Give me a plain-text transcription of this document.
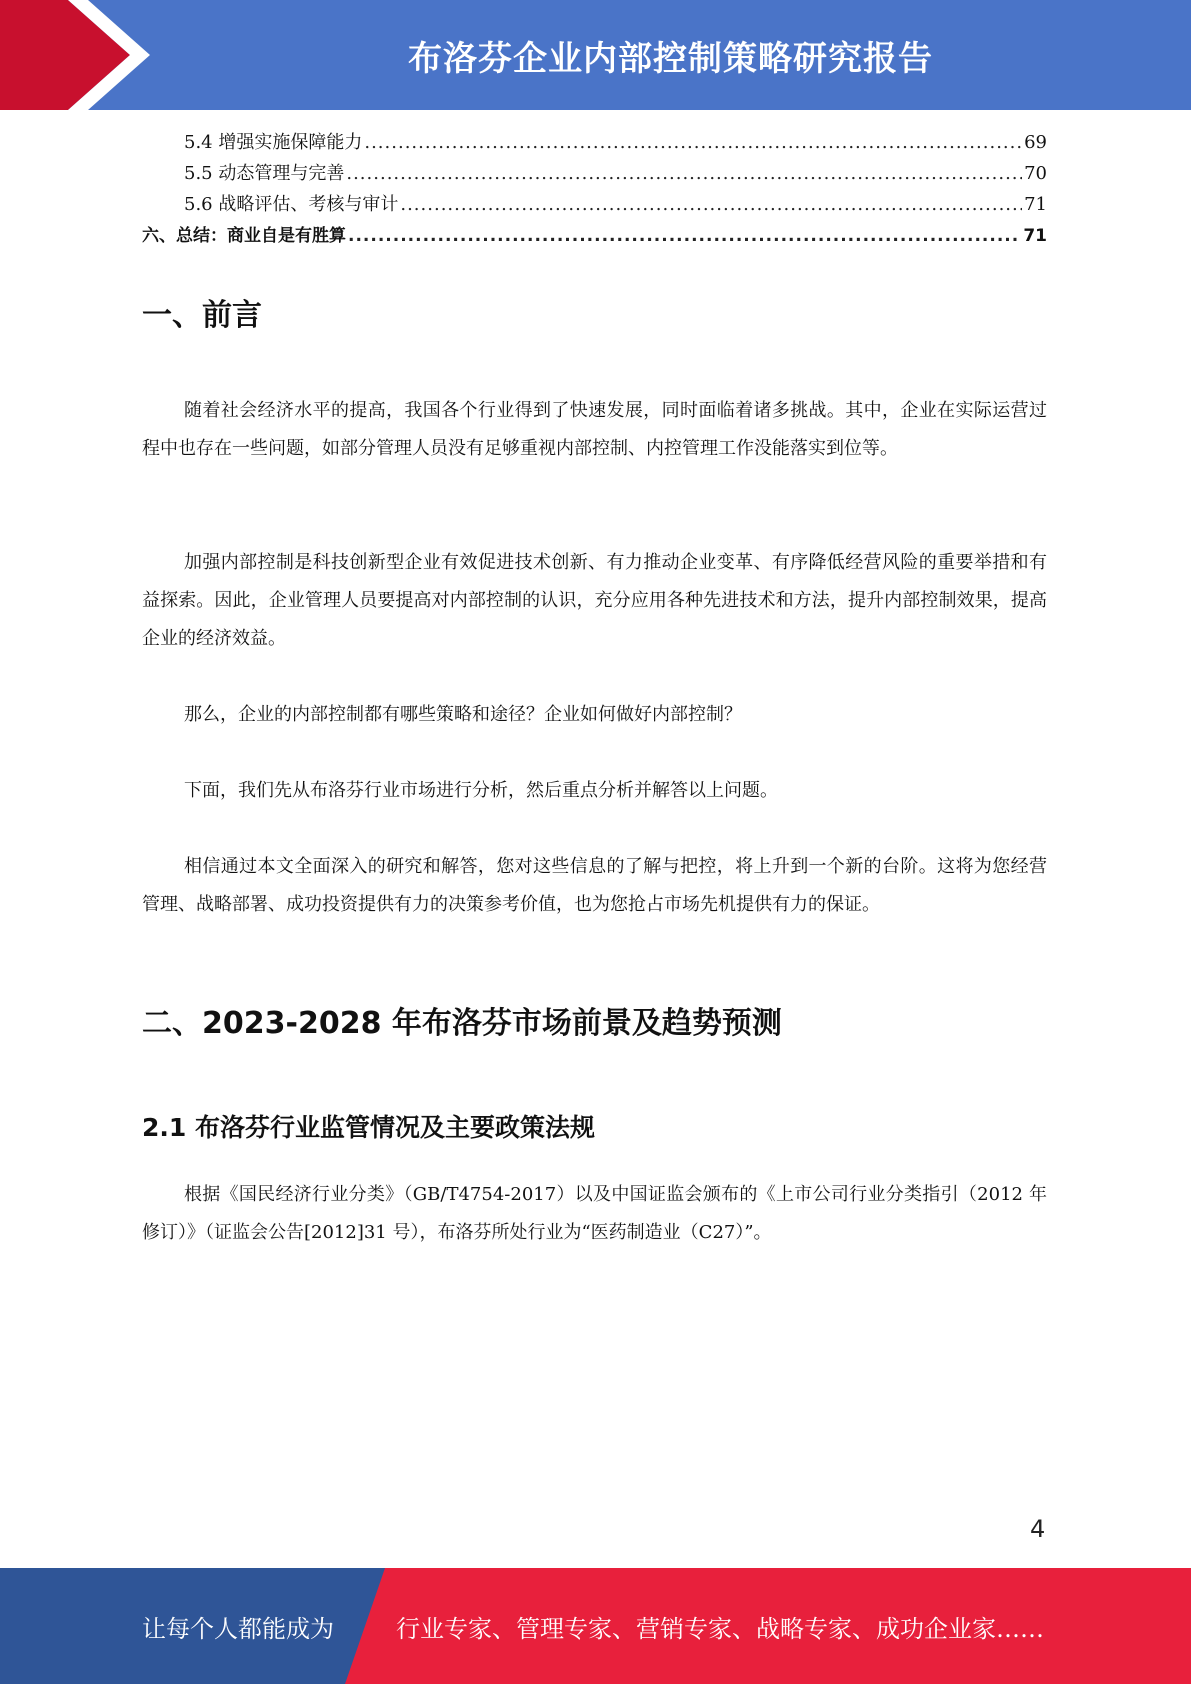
布洛芬企业内部控制策略研究报告
5.4 增强实施保障能力 .....	69
5.5 动态管理与完善 .....	70
5.6 战略评估、考核与审计 .....	71
六、总结：商业自是有胜算 .....	71
一、前言

随着社会经济水平的提高，我国各个行业得到了快速发展，同时面临着诸多挑战。其中，企业在实际运营过程中也存在一些问题，如部分管理人员没有足够重视内部控制、内控管理工作没能落实到位等。

加强内部控制是科技创新型企业有效促进技术创新、有力推动企业变革、有序降低经营风险的重要举措和有益探索。因此，企业管理人员要提高对内部控制的认识，充分应用各种先进技术和方法，提升内部控制效果，提高企业的经济效益。

那么，企业的内部控制都有哪些策略和途径？企业如何做好内部控制？

下面，我们先从布洛芬行业市场进行分析，然后重点分析并解答以上问题。

相信通过本文全面深入的研究和解答，您对这些信息的了解与把控，将上升到一个新的台阶。这将为您经营管理、战略部署、成功投资提供有力的决策参考价值，也为您抢占市场先机提供有力的保证。

二、2023-2028 年布洛芬市场前景及趋势预测
2.1 布洛芬行业监管情况及主要政策法规

根据《国民经济行业分类》（GB/T4754-2017）以及中国证监会颁布的《上市公司行业分类指引（2012 年修订）》（证监会公告[2012]31 号），布洛芬所处行业为“医药制造业（C27）”。

4
让每个人都能成为	行业专家、管理专家、营销专家、战略专家、成功企业家……
